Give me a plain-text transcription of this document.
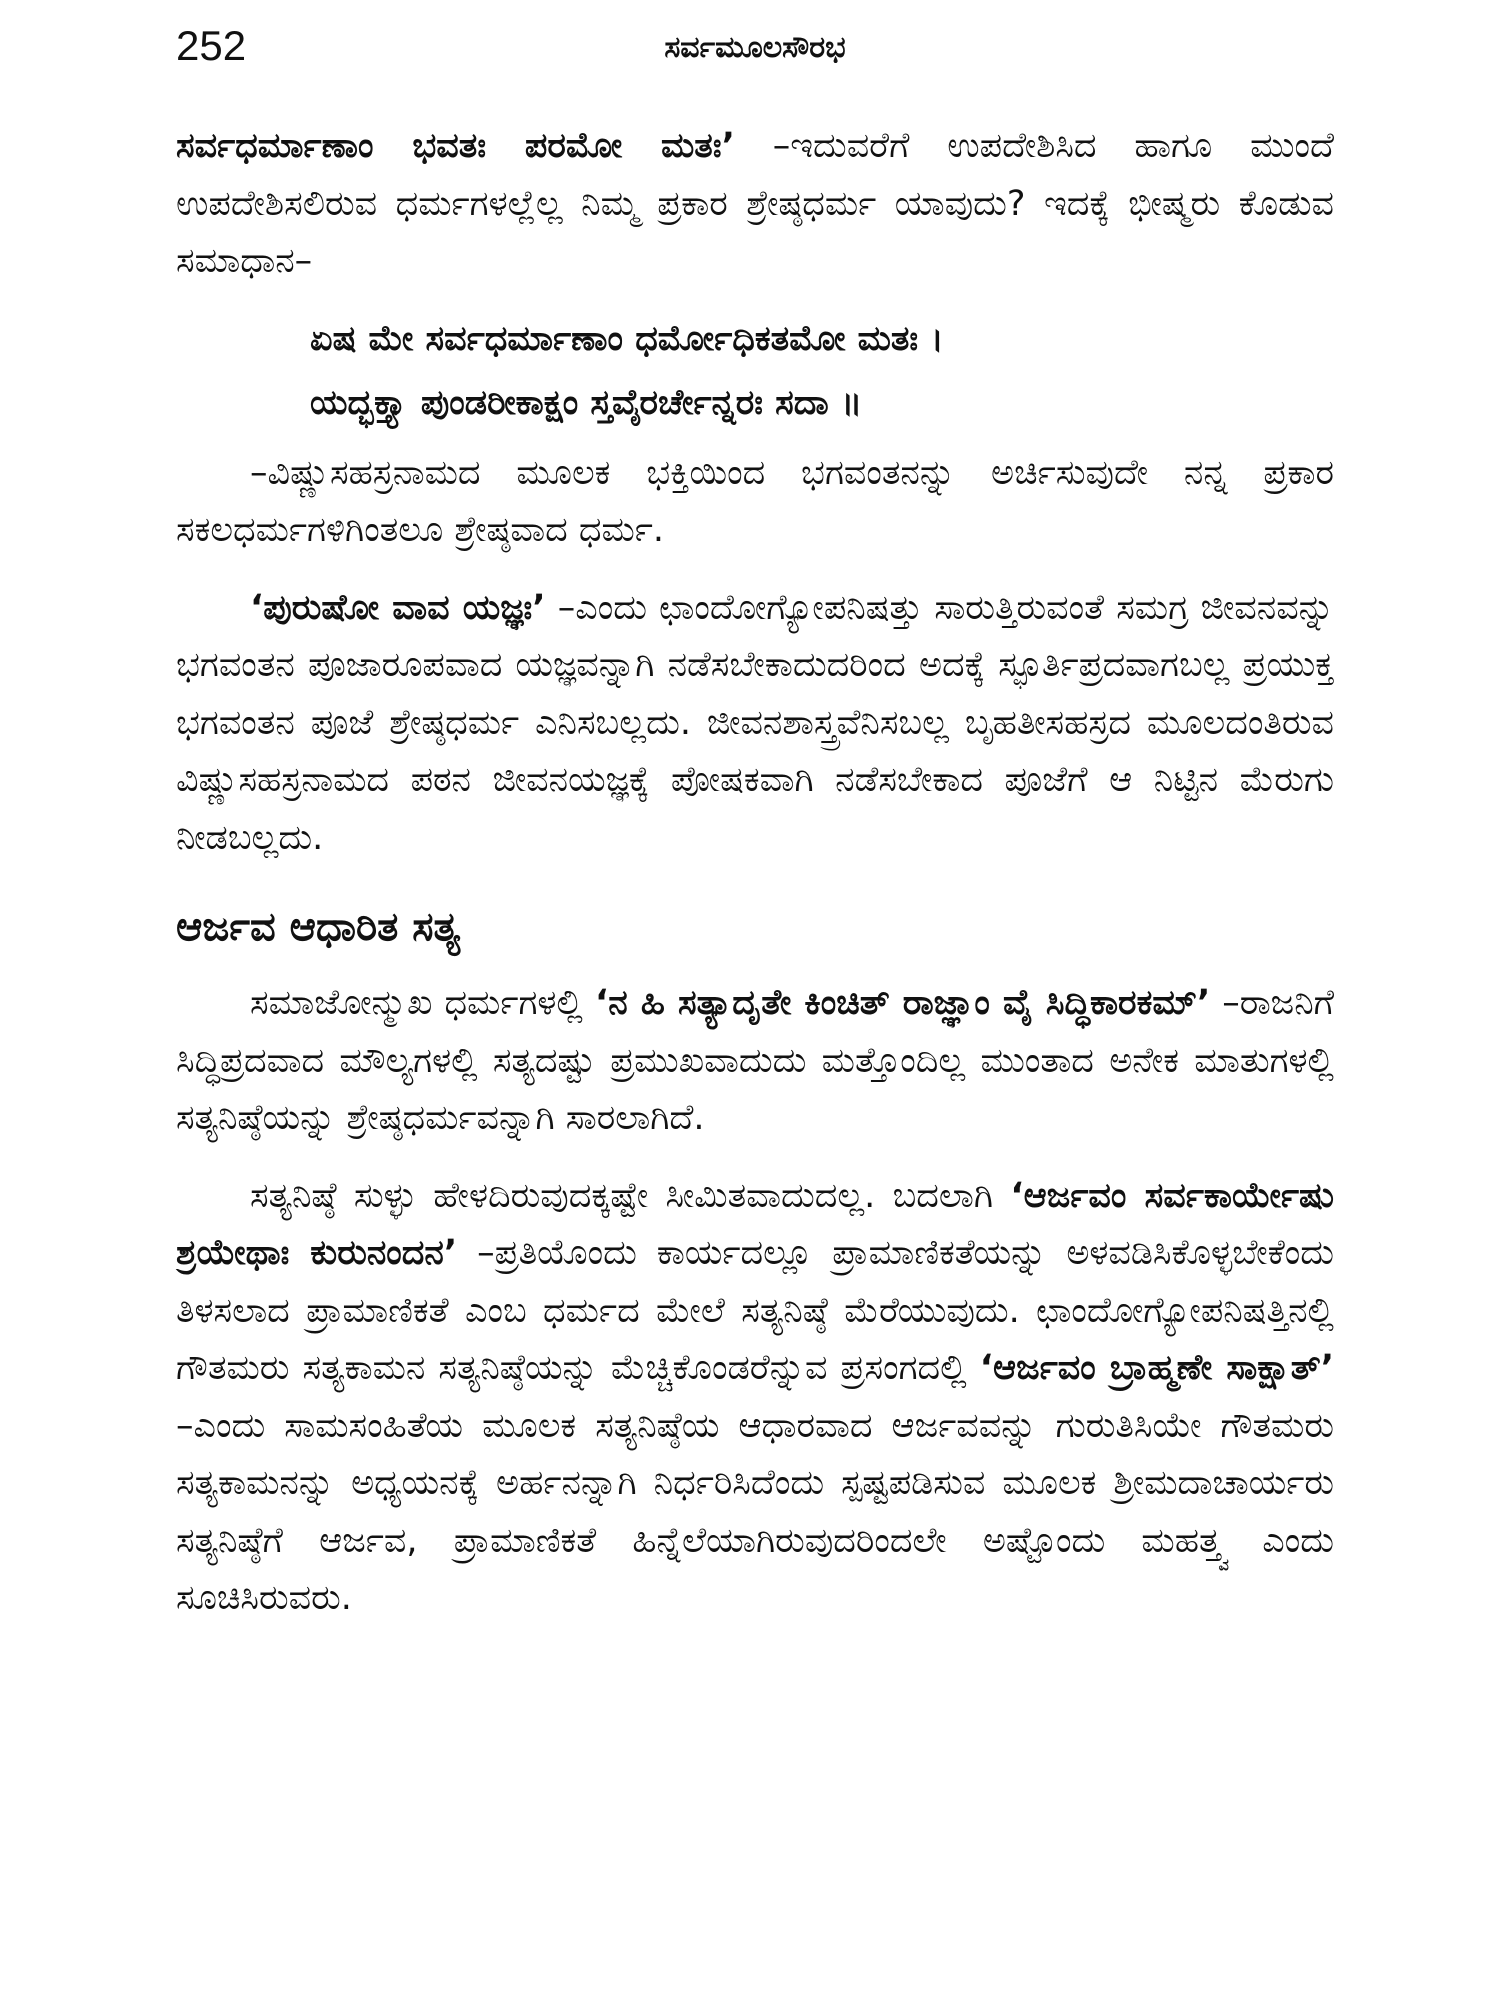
252	ಸರ್ವಮೂಲಸೌರಭ

ಸರ್ವಧರ್ಮಾಣಾಂ ಭವತಃ ಪರಮೋ ಮತಃ’ –ಇದುವರೆಗೆ ಉಪದೇಶಿಸಿದ ಹಾಗೂ ಮುಂದೆ ಉಪದೇಶಿಸಲಿರುವ ಧರ್ಮಗಳಲ್ಲೆಲ್ಲ ನಿಮ್ಮ ಪ್ರಕಾರ ಶ್ರೇಷ್ಠಧರ್ಮ ಯಾವುದು? ಇದಕ್ಕೆ ಭೀಷ್ಮರು ಕೊಡುವ ಸಮಾಧಾನ–

ಏಷ ಮೇ ಸರ್ವಧರ್ಮಾಣಾಂ ಧರ್ಮೋಧಿಕತಮೋ ಮತಃ ।
ಯದ್ಭಕ್ತ್ಯಾ ಪುಂಡರೀಕಾಕ್ಷಂ ಸ್ತವೈರರ್ಚೇನ್ನರಃ ಸದಾ ॥

–ವಿಷ್ಣುಸಹಸ್ರನಾಮದ ಮೂಲಕ ಭಕ್ತಿಯಿಂದ ಭಗವಂತನನ್ನು ಅರ್ಚಿಸುವುದೇ ನನ್ನ ಪ್ರಕಾರ ಸಕಲಧರ್ಮಗಳಿಗಿಂತಲೂ ಶ್ರೇಷ್ಠವಾದ ಧರ್ಮ.

‘ಪುರುಷೋ ವಾವ ಯಜ್ಞಃ’ –ಎಂದು ಛಾಂದೋಗ್ಯೋಪನಿಷತ್ತು ಸಾರುತ್ತಿರುವಂತೆ ಸಮಗ್ರ ಜೀವನವನ್ನು ಭಗವಂತನ ಪೂಜಾರೂಪವಾದ ಯಜ್ಞವನ್ನಾಗಿ ನಡೆಸಬೇಕಾದುದರಿಂದ ಅದಕ್ಕೆ ಸ್ಫೂರ್ತಿಪ್ರದವಾಗಬಲ್ಲ ಪ್ರಯುಕ್ತ ಭಗವಂತನ ಪೂಜೆ ಶ್ರೇಷ್ಠಧರ್ಮ ಎನಿಸಬಲ್ಲದು. ಜೀವನಶಾಸ್ತ್ರವೆನಿಸಬಲ್ಲ ಬೃಹತೀಸಹಸ್ರದ ಮೂಲದಂತಿರುವ ವಿಷ್ಣುಸಹಸ್ರನಾಮದ ಪಠನ ಜೀವನಯಜ್ಞಕ್ಕೆ ಪೋಷಕವಾಗಿ ನಡೆಸಬೇಕಾದ ಪೂಜೆಗೆ ಆ ನಿಟ್ಟಿನ ಮೆರುಗು ನೀಡಬಲ್ಲದು.

ಆರ್ಜವ ಆಧಾರಿತ ಸತ್ಯ

ಸಮಾಜೋನ್ಮುಖ ಧರ್ಮಗಳಲ್ಲಿ ‘ನ ಹಿ ಸತ್ಯಾದೃತೇ ಕಿಂಚಿತ್ ರಾಜ್ಞಾಂ ವೈ ಸಿದ್ಧಿಕಾರಕಮ್’ –ರಾಜನಿಗೆ ಸಿದ್ಧಿಪ್ರದವಾದ ಮೌಲ್ಯಗಳಲ್ಲಿ ಸತ್ಯದಷ್ಟು ಪ್ರಮುಖವಾದುದು ಮತ್ತೊಂದಿಲ್ಲ ಮುಂತಾದ ಅನೇಕ ಮಾತುಗಳಲ್ಲಿ ಸತ್ಯನಿಷ್ಠೆಯನ್ನು ಶ್ರೇಷ್ಠಧರ್ಮವನ್ನಾಗಿ ಸಾರಲಾಗಿದೆ.

ಸತ್ಯನಿಷ್ಠೆ ಸುಳ್ಳು ಹೇಳದಿರುವುದಕ್ಕಷ್ಟೇ ಸೀಮಿತವಾದುದಲ್ಲ. ಬದಲಾಗಿ ‘ಆರ್ಜವಂ ಸರ್ವಕಾರ್ಯೇಷು ಶ್ರಯೇಥಾಃ ಕುರುನಂದನ’ –ಪ್ರತಿಯೊಂದು ಕಾರ್ಯದಲ್ಲೂ ಪ್ರಾಮಾಣಿಕತೆಯನ್ನು ಅಳವಡಿಸಿಕೊಳ್ಳಬೇಕೆಂದು ತಿಳಸಲಾದ ಪ್ರಾಮಾಣಿಕತೆ ಎಂಬ ಧರ್ಮದ ಮೇಲೆ ಸತ್ಯನಿಷ್ಠೆ ಮೆರೆಯುವುದು. ಛಾಂದೋಗ್ಯೋಪನಿಷತ್ತಿನಲ್ಲಿ ಗೌತಮರು ಸತ್ಯಕಾಮನ ಸತ್ಯನಿಷ್ಠೆಯನ್ನು ಮೆಚ್ಚಿಕೊಂಡರೆನ್ನುವ ಪ್ರಸಂಗದಲ್ಲಿ ‘ಆರ್ಜವಂ ಬ್ರಾಹ್ಮಣೇ ಸಾಕ್ಷಾತ್’ –ಎಂದು ಸಾಮಸಂಹಿತೆಯ ಮೂಲಕ ಸತ್ಯನಿಷ್ಠೆಯ ಆಧಾರವಾದ ಆರ್ಜವವನ್ನು ಗುರುತಿಸಿಯೇ ಗೌತಮರು ಸತ್ಯಕಾಮನನ್ನು ಅಧ್ಯಯನಕ್ಕೆ ಅರ್ಹನನ್ನಾಗಿ ನಿರ್ಧರಿಸಿದೆಂದು ಸ್ಪಷ್ಟಪಡಿಸುವ ಮೂಲಕ ಶ್ರೀಮದಾಚಾರ್ಯರು ಸತ್ಯನಿಷ್ಠೆಗೆ ಆರ್ಜವ, ಪ್ರಾಮಾಣಿಕತೆ ಹಿನ್ನೆಲೆಯಾಗಿರುವುದರಿಂದಲೇ ಅಷ್ಟೊಂದು ಮಹತ್ತ್ವ ಎಂದು ಸೂಚಿಸಿರುವರು.
